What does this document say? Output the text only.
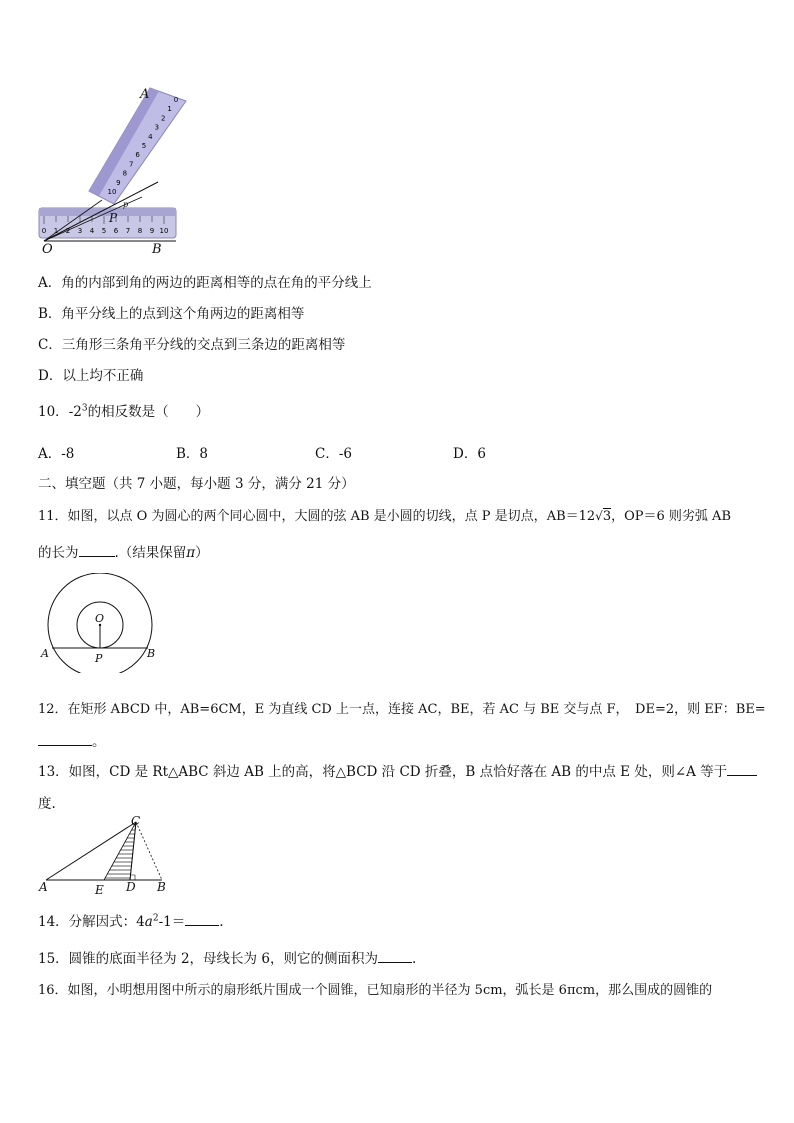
0 1 2 3 4 5 6 7 8 9 10
0
1
2
3
4
5
6
7
8
9
10
A
O	B
P
p
A．角的内部到角的两边的距离相等的点在角的平分线上
B．角平分线上的点到这个角两边的距离相等
C．三角形三条角平分线的交点到三条边的距离相等
D．以上均不正确
10．$-2^3$的相反数是（　　）
A．-8	B．8	C．-6	D．6
二、填空题（共 7 小题，每小题 3 分，满分 21 分）
11．如图，以点 O 为圆心的两个同心圆中，大圆的弦 AB 是小圆的切线，点 P 是切点，AB＝12√3，OP＝6 则劣弧 AB
的长为	.（结果保留π）
O
A	P	B
12．在矩形 ABCD 中，AB=6CM，E 为直线 CD 上一点，连接 AC，BE，若 AC 与 BE 交与点 F，　DE=2，则 EF：BE=
。
13．如图，CD 是 Rt△ABC 斜边 AB 上的高，将△BCD 沿 CD 折叠，B 点恰好落在 AB 的中点 E 处，则∠A 等于
度.
C
A	E D B
14．分解因式：$4a^2-1=$	.
15．圆锥的底面半径为 2，母线长为 6，则它的侧面积为	.
16．如图，小明想用图中所示的扇形纸片围成一个圆锥，已知扇形的半径为 5cm，弧长是 6πcm，那么围成的圆锥的
